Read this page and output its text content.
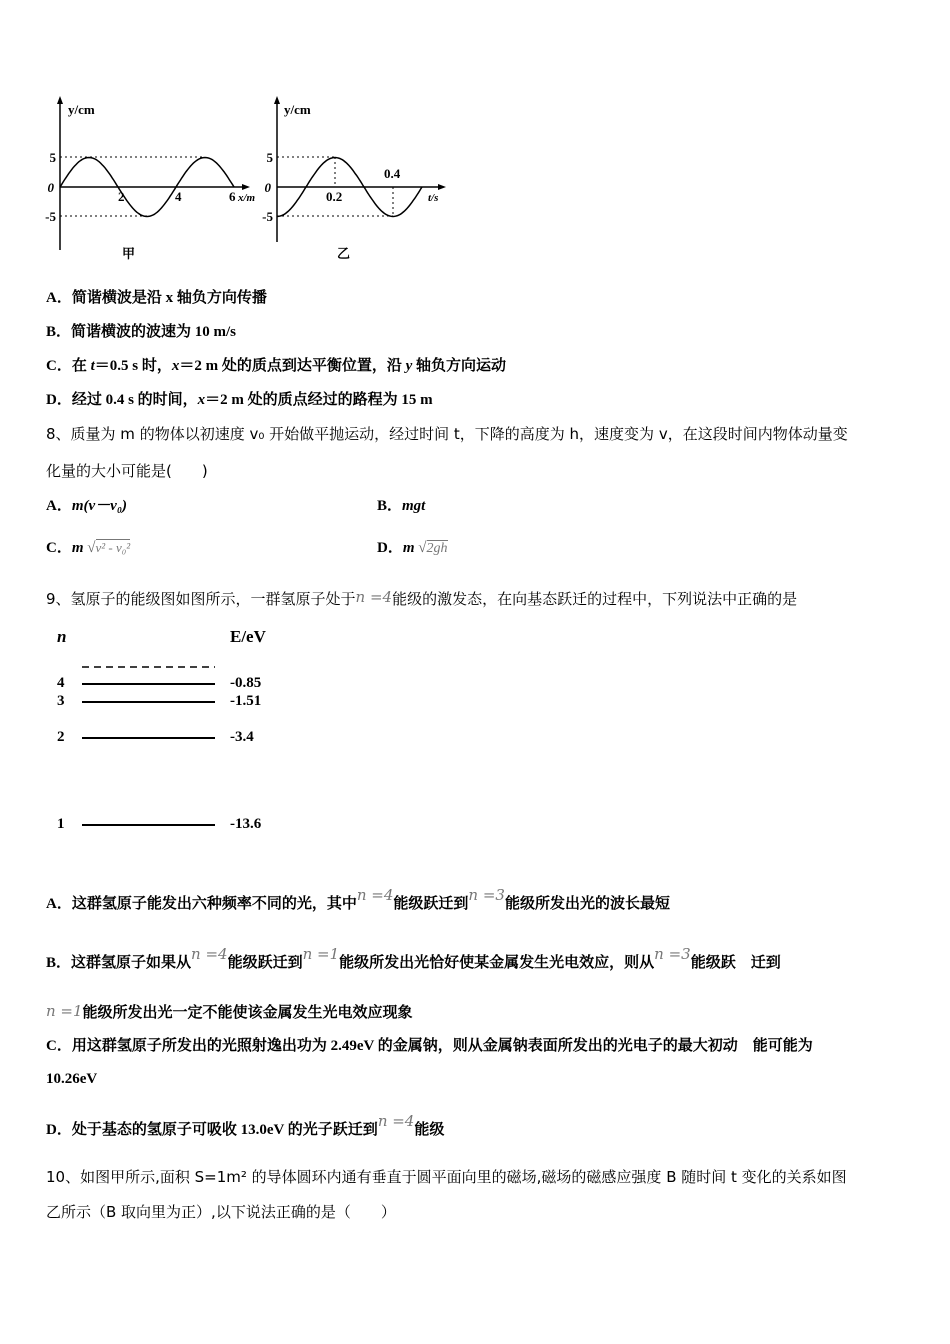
y/cm
5
-5
0
2	4	6 x/m
甲
y/cm
5
-5
0
0.2
0.4
t/s
乙
n	E/eV
4	-0.85
3	-1.51
2	-3.4
1	-13.6
A．简谐横波是沿 x 轴负方向传播
B．简谐横波的波速为 10 m/s
C．在 t＝0.5 s 时，x＝2 m 处的质点到达平衡位置，沿 y 轴负方向运动
D．经过 0.4 s 的时间，x＝2 m 处的质点经过的路程为 15 m
8、质量为 m 的物体以初速度 v₀ 开始做平抛运动，经过时间 t，下降的高度为 h，速度变为 v，在这段时间内物体动量变
化量的大小可能是(　　)
A．m(v－v₀)	B．mgt
C．m √v² - v₀²	D．m √2gh
9、氢原子的能级图如图所示，一群氢原子处于n =4能级的激发态，在向基态跃迁的过程中，下列说法中正确的是
A．这群氢原子能发出六种频率不同的光，其中n =4能级跃迁到n =3能级所发出光的波长最短
B．这群氢原子如果从n =4能级跃迁到n =1能级所发出光恰好使某金属发生光电效应，则从n =3能级跃　迁到
n =1能级所发出光一定不能使该金属发生光电效应现象
C．用这群氢原子所发出的光照射逸出功为 2.49eV 的金属钠，则从金属钠表面所发出的光电子的最大初动　能可能为
10.26eV
D．处于基态的氢原子可吸收 13.0eV 的光子跃迁到n =4能级
10、如图甲所示,面积 S=1m² 的导体圆环内通有垂直于圆平面向里的磁场,磁场的磁感应强度 B 随时间 t 变化的关系如图
乙所示（B 取向里为正）,以下说法正确的是（　　）
